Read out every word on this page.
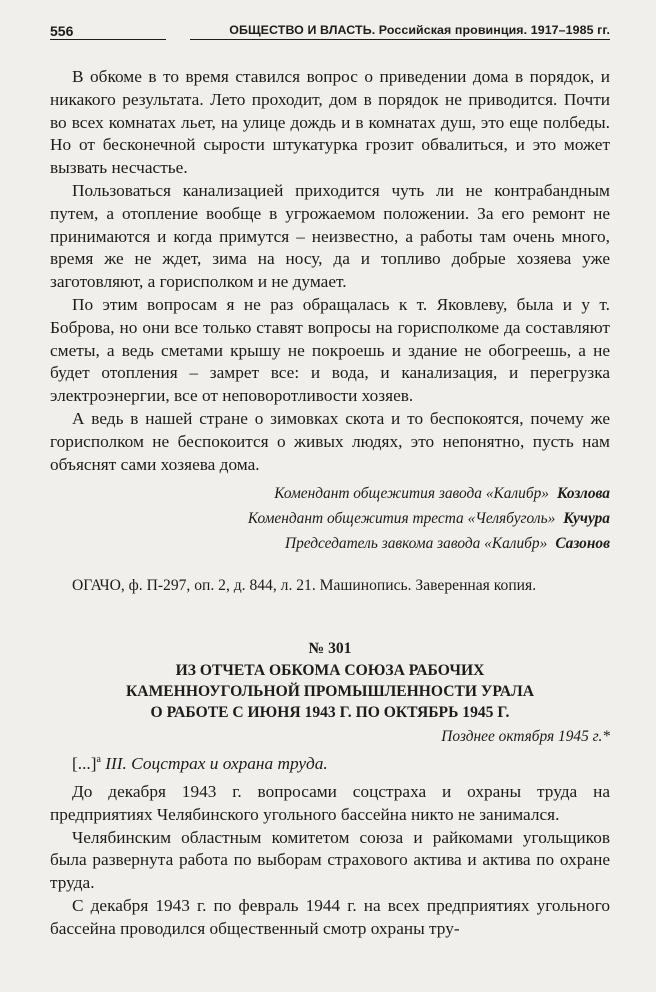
556	ОБЩЕСТВО И ВЛАСТЬ. Российская провинция. 1917–1985 гг.

В обкоме в то время ставился вопрос о приведении дома в порядок, и никакого результата. Лето проходит, дом в порядок не приводится. Почти во всех комнатах льет, на улице дождь и в комнатах душ, это еще полбеды. Но от бесконечной сырости штукатурка грозит обвалиться, и это может вызвать несчастье.

Пользоваться канализацией приходится чуть ли не контрабандным путем, а отопление вообще в угрожаемом положении. За его ремонт не принимаются и когда примутся – неизвестно, а работы там очень много, время же не ждет, зима на носу, да и топливо добрые хозяева уже заготовляют, а горисполком и не думает.

По этим вопросам я не раз обращалась к т. Яковлеву, была и у т. Боброва, но они все только ставят вопросы на горисполкоме да составляют сметы, а ведь сметами крышу не покроешь и здание не обогреешь, а не будет отопления – замрет все: и вода, и канализация, и перегрузка электроэнергии, все от неповоротливости хозяев.

А ведь в нашей стране о зимовках скота и то беспокоятся, почему же горисполком не беспокоится о живых людях, это непонятно, пусть нам объяснят сами хозяева дома.

Комендант общежития завода «Калибр» Козлова
Комендант общежития треста «Челябуголь» Кучура
Председатель завкома завода «Калибр» Сазонов
ОГАЧО, ф. П-297, оп. 2, д. 844, л. 21. Машинопись. Заверенная копия.
№ 301
ИЗ ОТЧЕТА ОБКОМА СОЮЗА РАБОЧИХ
КАМЕННОУГОЛЬНОЙ ПРОМЫШЛЕННОСТИ УРАЛА
О РАБОТЕ С ИЮНЯ 1943 Г. ПО ОКТЯБРЬ 1945 Г.
Позднее октября 1945 г.*

[...]$^а$ III. Соцстрах и охрана труда.

До декабря 1943 г. вопросами соцстраха и охраны труда на предприятиях Челябинского угольного бассейна никто не занимался.

Челябинским областным комитетом союза и райкомами угольщиков была развернута работа по выборам страхового актива и актива по охране труда.

С декабря 1943 г. по февраль 1944 г. на всех предприятиях угольного бассейна проводился общественный смотр охраны тру-
